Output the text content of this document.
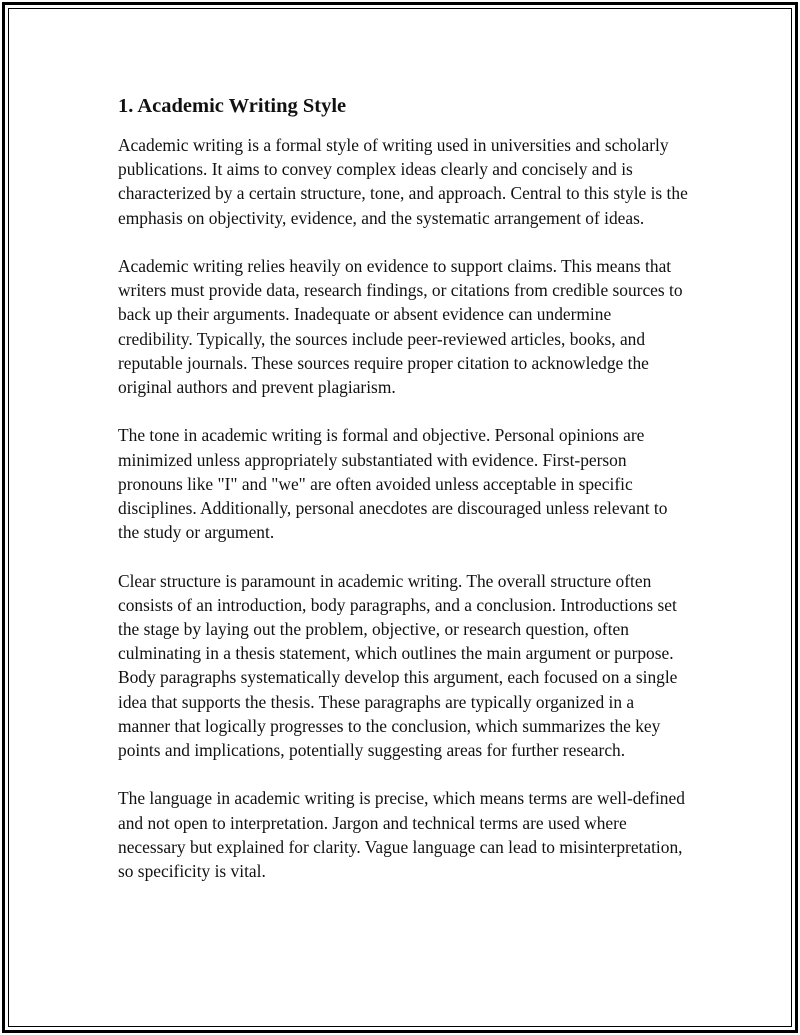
1. Academic Writing Style

Academic writing is a formal style of writing used in universities and scholarly publications. It aims to convey complex ideas clearly and concisely and is characterized by a certain structure, tone, and approach. Central to this style is the emphasis on objectivity, evidence, and the systematic arrangement of ideas.

Academic writing relies heavily on evidence to support claims. This means that writers must provide data, research findings, or citations from credible sources to back up their arguments. Inadequate or absent evidence can undermine credibility. Typically, the sources include peer-reviewed articles, books, and reputable journals. These sources require proper citation to acknowledge the original authors and prevent plagiarism.

The tone in academic writing is formal and objective. Personal opinions are minimized unless appropriately substantiated with evidence. First-person pronouns like "I" and "we" are often avoided unless acceptable in specific disciplines. Additionally, personal anecdotes are discouraged unless relevant to the study or argument.

Clear structure is paramount in academic writing. The overall structure often consists of an introduction, body paragraphs, and a conclusion. Introductions set the stage by laying out the problem, objective, or research question, often culminating in a thesis statement, which outlines the main argument or purpose. Body paragraphs systematically develop this argument, each focused on a single idea that supports the thesis. These paragraphs are typically organized in a manner that logically progresses to the conclusion, which summarizes the key points and implications, potentially suggesting areas for further research.

The language in academic writing is precise, which means terms are well-defined and not open to interpretation. Jargon and technical terms are used where necessary but explained for clarity. Vague language can lead to misinterpretation, so specificity is vital.
